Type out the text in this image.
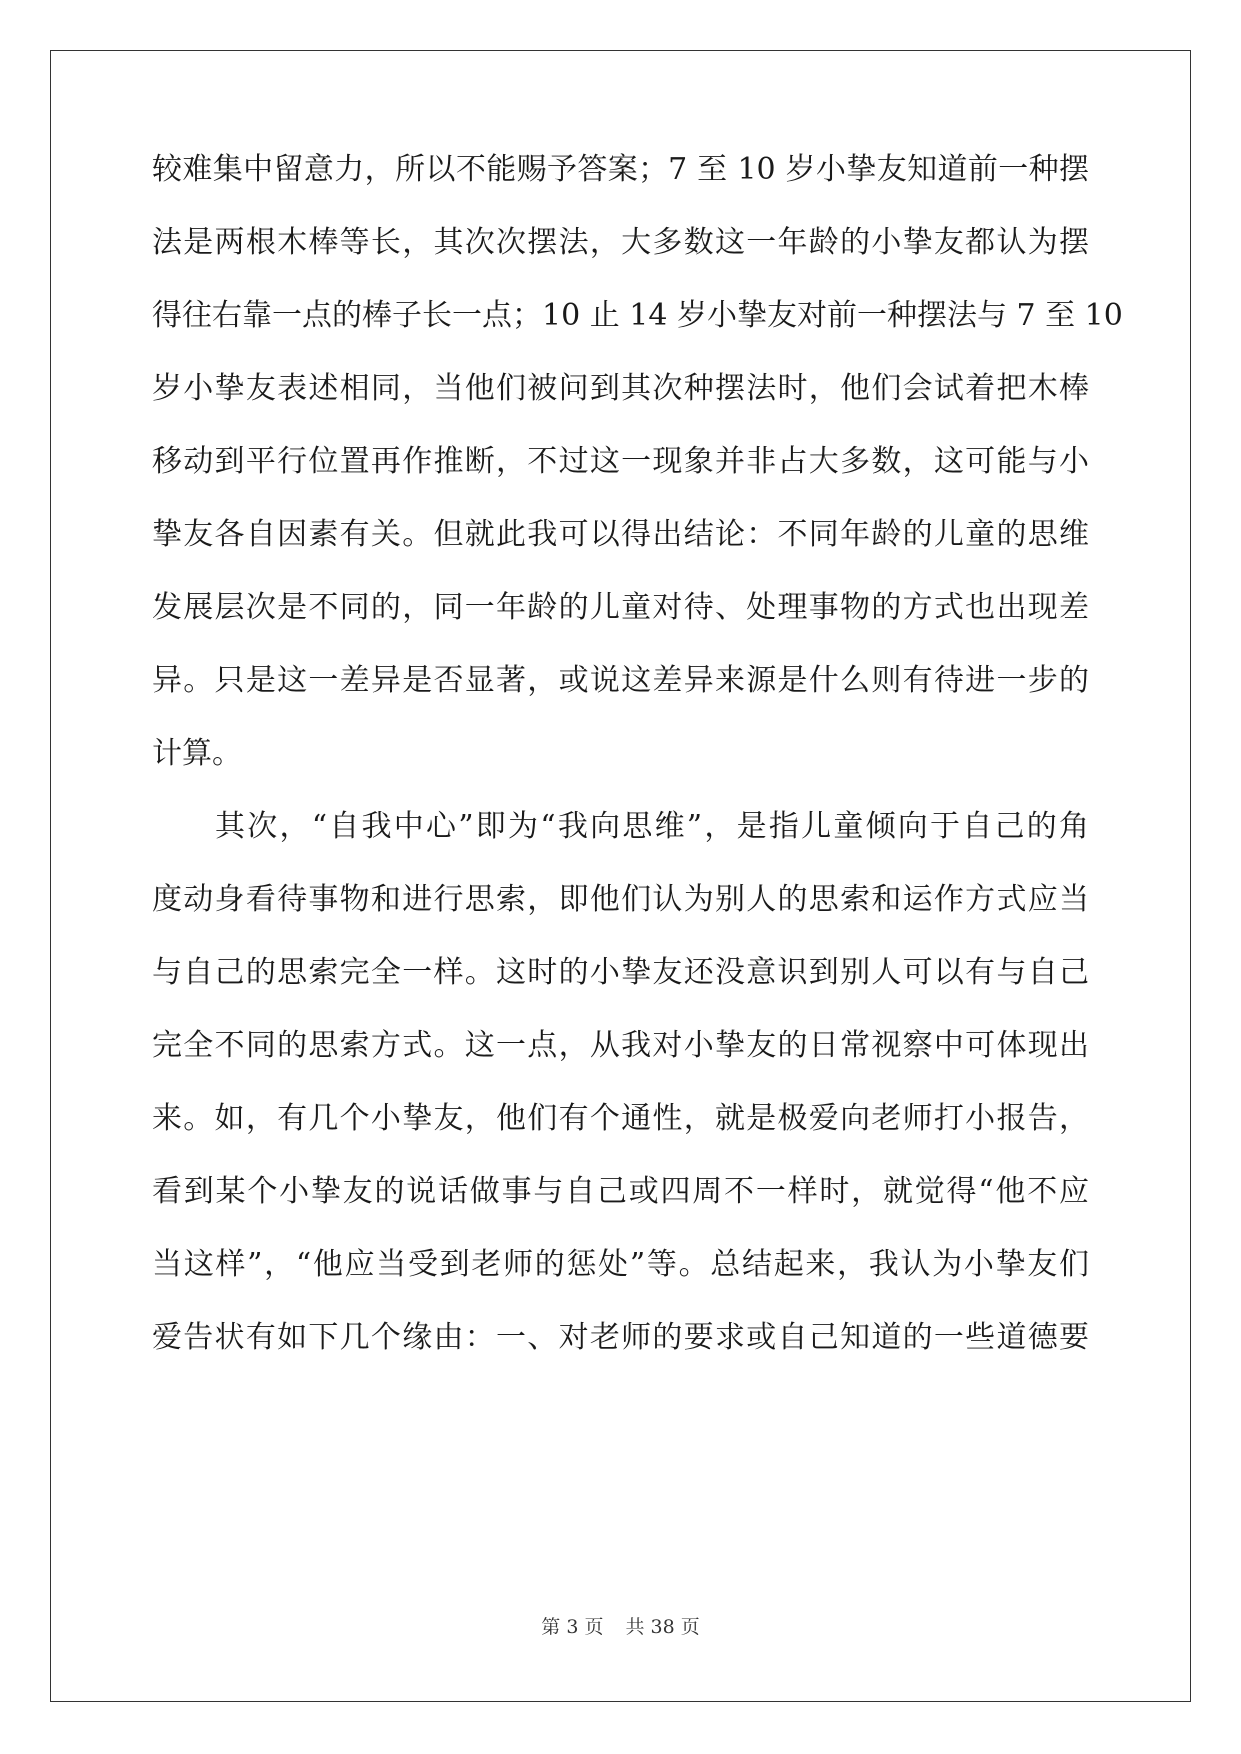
较难集中留意力，所以不能赐予答案；7 至 10 岁小挚友知道前一种摆
法是两根木棒等长，其次次摆法，大多数这一年龄的小挚友都认为摆
得往右靠一点的棒子长一点；10 止 14 岁小挚友对前一种摆法与 7 至 10
岁小挚友表述相同，当他们被问到其次种摆法时，他们会试着把木棒
移动到平行位置再作推断，不过这一现象并非占大多数，这可能与小
挚友各自因素有关。但就此我可以得出结论：不同年龄的儿童的思维
发展层次是不同的，同一年龄的儿童对待、处理事物的方式也出现差
异。只是这一差异是否显著，或说这差异来源是什么则有待进一步的
计算。
其次，“自我中心”即为“我向思维”，是指儿童倾向于自己的角
度动身看待事物和进行思索，即他们认为别人的思索和运作方式应当
与自己的思索完全一样。这时的小挚友还没意识到别人可以有与自己
完全不同的思索方式。这一点，从我对小挚友的日常视察中可体现出
来。如，有几个小挚友，他们有个通性，就是极爱向老师打小报告，
看到某个小挚友的说话做事与自己或四周不一样时，就觉得“他不应
当这样”，“他应当受到老师的惩处”等。总结起来，我认为小挚友们
爱告状有如下几个缘由：一、对老师的要求或自己知道的一些道德要
第 3 页 共 38 页
